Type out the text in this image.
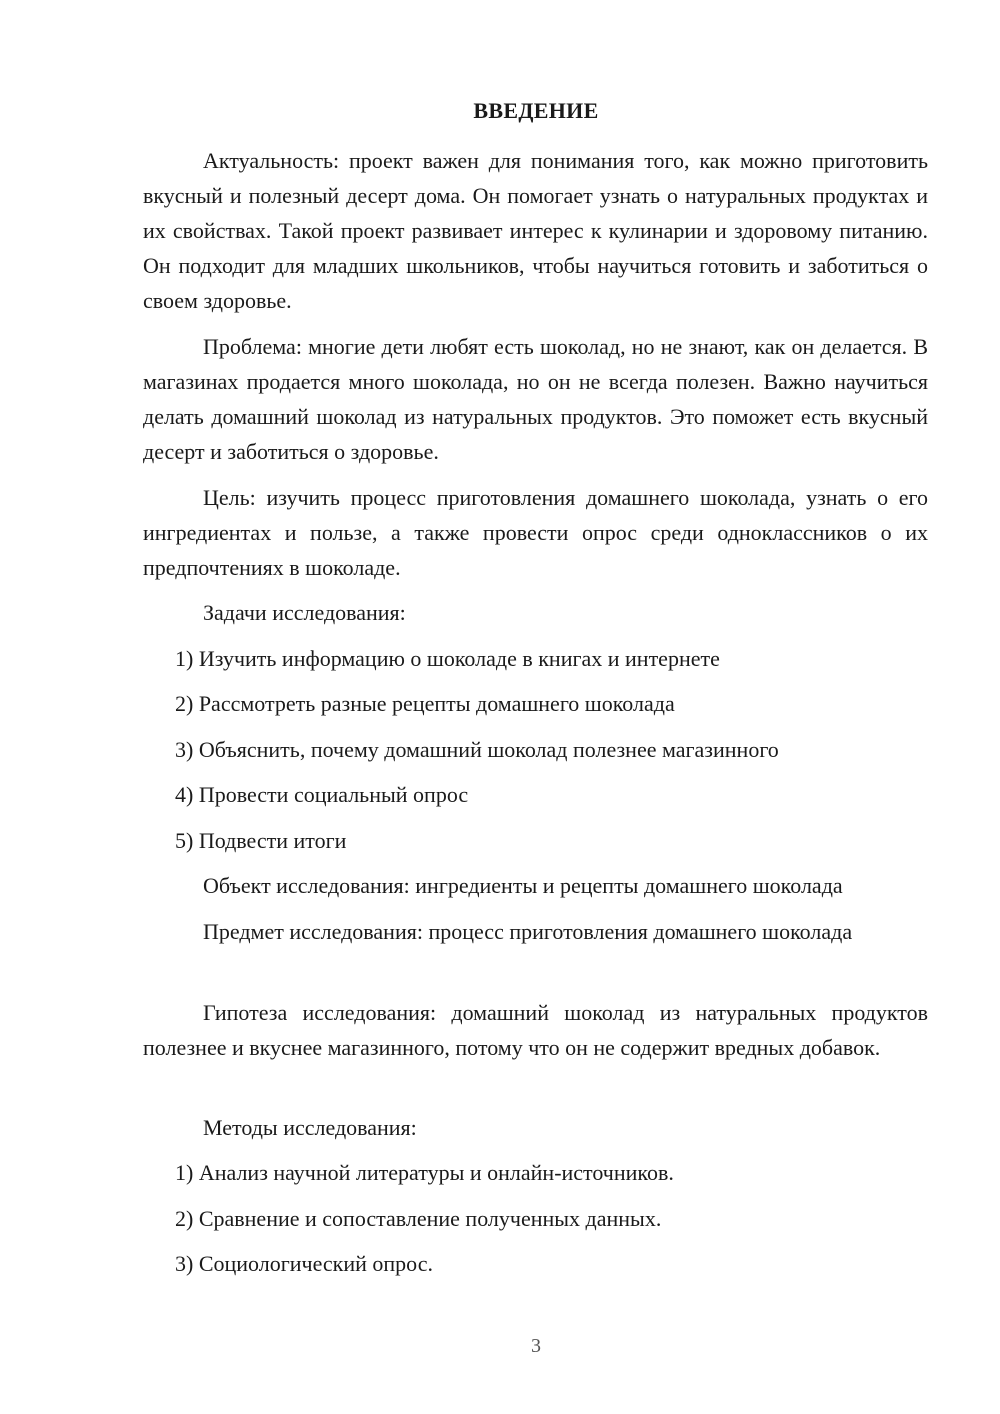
ВВЕДЕНИЕ

Актуальность: проект важен для понимания того, как можно приготовить вкусный и полезный десерт дома. Он помогает узнать о натуральных продуктах и их свойствах. Такой проект развивает интерес к кулинарии и здоровому питанию. Он подходит для младших школьников, чтобы научиться готовить и заботиться о своем здоровье.

Проблема: многие дети любят есть шоколад, но не знают, как он делается. В магазинах продается много шоколада, но он не всегда полезен. Важно научиться делать домашний шоколад из натуральных продуктов. Это поможет есть вкусный десерт и заботиться о здоровье.

Цель: изучить процесс приготовления домашнего шоколада, узнать о его ингредиентах и пользе, а также провести опрос среди одноклассников о их предпочтениях в шоколаде.

Задачи исследования:
1) Изучить информацию о шоколаде в книгах и интернете
2) Рассмотреть разные рецепты домашнего шоколада
3) Объяснить, почему домашний шоколад полезнее магазинного
4) Провести социальный опрос
5) Подвести итоги
Объект исследования: ингредиенты и рецепты домашнего шоколада

Предмет исследования: процесс приготовления домашнего шоколада

Гипотеза исследования: домашний шоколад из натуральных продуктов полезнее и вкуснее магазинного, потому что он не содержит вредных добавок.

Методы исследования:
1) Анализ научной литературы и онлайн-источников.
2) Сравнение и сопоставление полученных данных.
3) Социологический опрос.
3
